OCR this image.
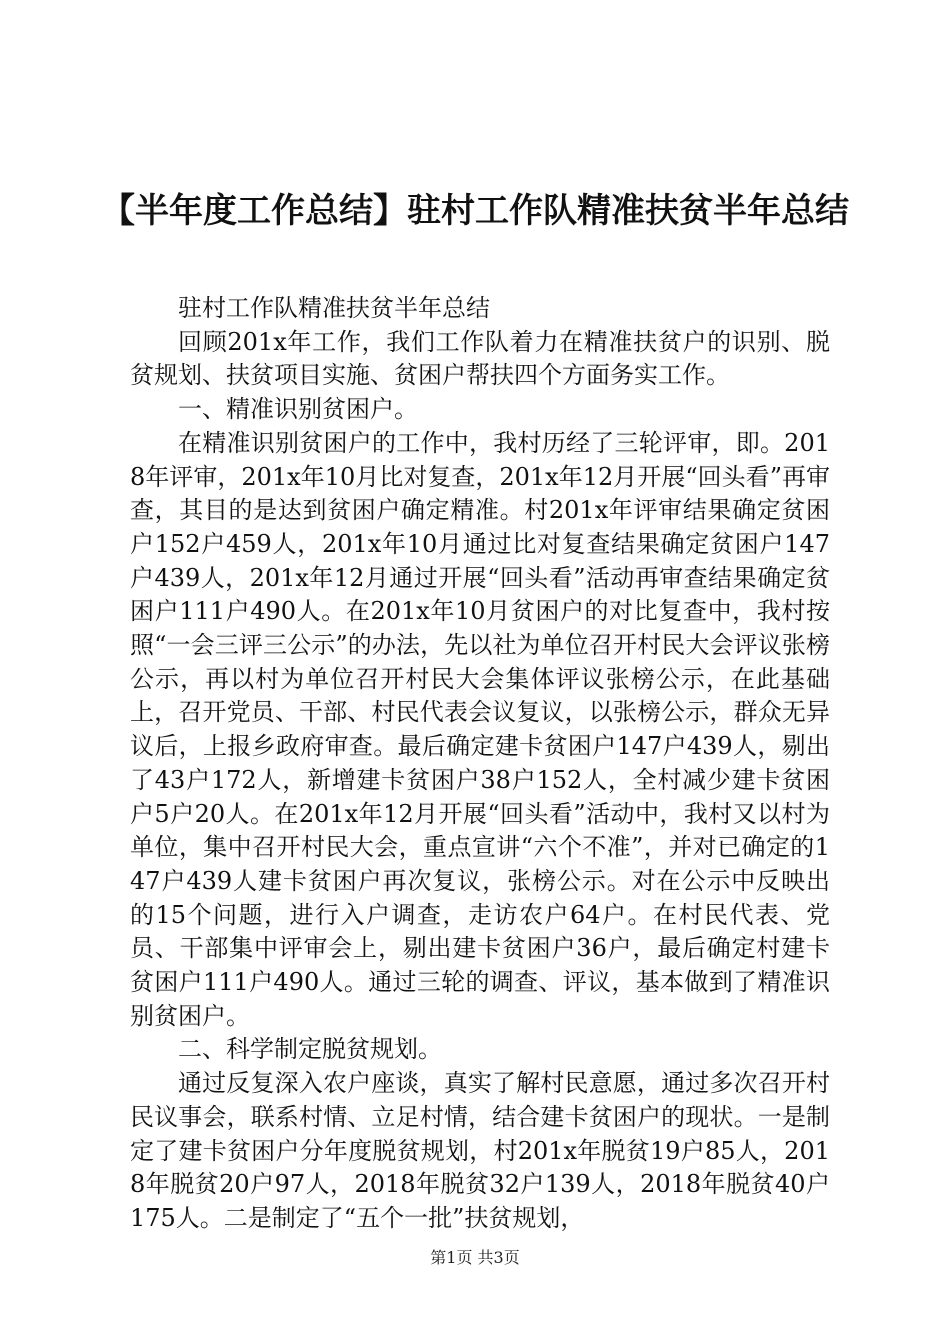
【半年度工作总结】驻村工作队精准扶贫半年总结

驻村工作队精准扶贫半年总结

回顾201x年工作，我们工作队着力在精准扶贫户的识别、脱贫规划、扶贫项目实施、贫困户帮扶四个方面务实工作。

一、精准识别贫困户。

在精准识别贫困户的工作中，我村历经了三轮评审，即。2018年评审，201x年10月比对复查，201x年12月开展“回头看”再审查，其目的是达到贫困户确定精准。村201x年评审结果确定贫困户152户459人，201x年10月通过比对复查结果确定贫困户147户439人，201x年12月通过开展“回头看”活动再审查结果确定贫困户111户490人。在201x年10月贫困户的对比复查中，我村按照“一会三评三公示”的办法，先以社为单位召开村民大会评议张榜公示，再以村为单位召开村民大会集体评议张榜公示，在此基础上，召开党员、干部、村民代表会议复议，以张榜公示，群众无异议后，上报乡政府审查。最后确定建卡贫困户147户439人，剔出了43户172人，新增建卡贫困户38户152人，全村减少建卡贫困户5户20人。在201x年12月开展“回头看”活动中，我村又以村为单位，集中召开村民大会，重点宣讲“六个不准”，并对已确定的147户439人建卡贫困户再次复议，张榜公示。对在公示中反映出的15个问题，进行入户调查，走访农户64户。在村民代表、党员、干部集中评审会上，剔出建卡贫困户36户，最后确定村建卡贫困户111户490人。通过三轮的调查、评议，基本做到了精准识别贫困户。

二、科学制定脱贫规划。

通过反复深入农户座谈，真实了解村民意愿，通过多次召开村民议事会，联系村情、立足村情，结合建卡贫困户的现状。一是制定了建卡贫困户分年度脱贫规划，村201x年脱贫19户85人，2018年脱贫20户97人，2018年脱贫32户139人，2018年脱贫40户175人。二是制定了“五个一批”扶贫规划，

第1页 共3页
